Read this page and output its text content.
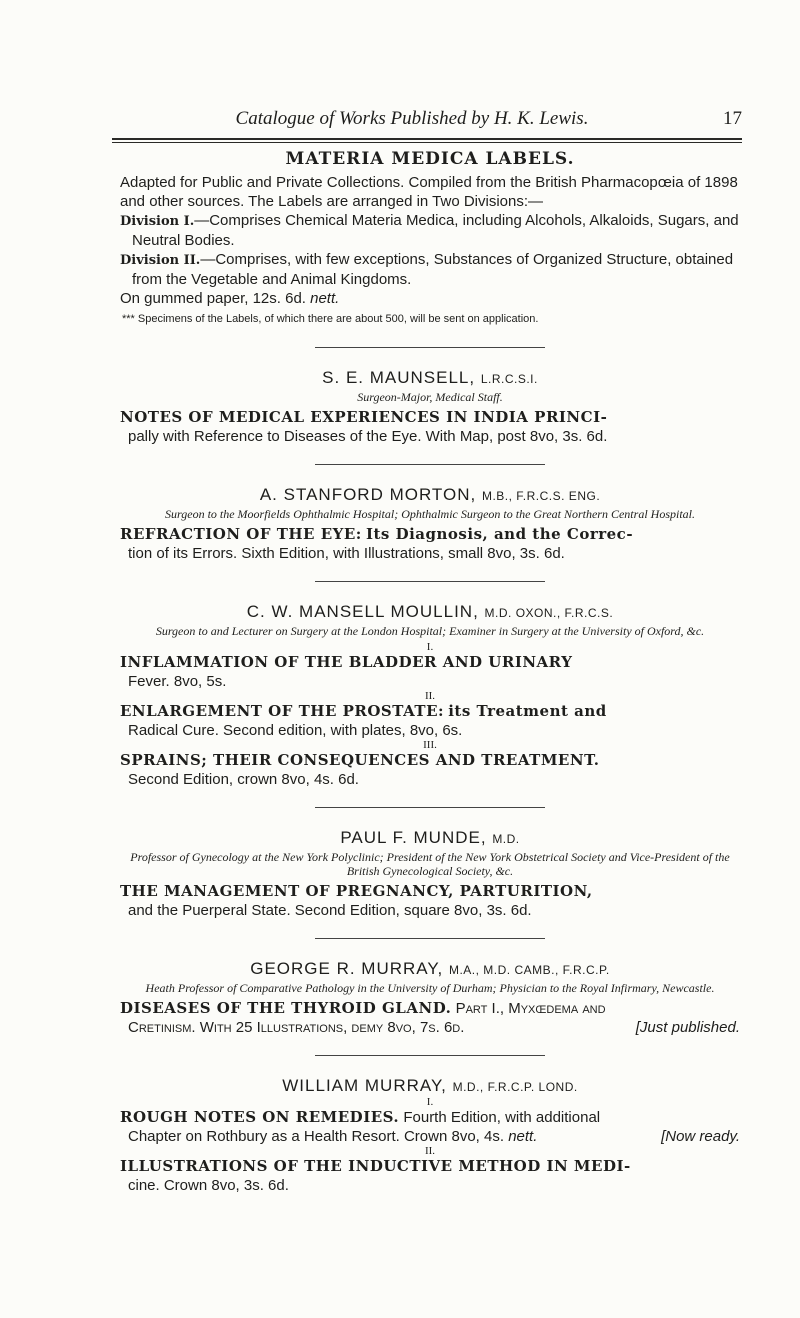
Catalogue of Works Published by H. K. Lewis.	17

MATERIA MEDICA LABELS.

Adapted for Public and Private Collections. Compiled from the British Pharmacopœia of 1898 and other sources. The Labels are arranged in Two Divisions:—

Division I.—Comprises Chemical Materia Medica, including Alcohols, Alkaloids, Sugars, and Neutral Bodies.

Division II.—Comprises, with few exceptions, Substances of Organized Structure, obtained from the Vegetable and Animal Kingdoms.

On gummed paper, 12s. 6d. nett.

*** Specimens of the Labels, of which there are about 500, will be sent on application.

S. E. MAUNSELL, L.R.C.S.I.

Surgeon-Major, Medical Staff.

NOTES OF MEDICAL EXPERIENCES IN INDIA PRINCI-

pally with Reference to Diseases of the Eye. With Map, post 8vo, 3s. 6d.

A. STANFORD MORTON, M.B., F.R.C.S. ENG.

Surgeon to the Moorfields Ophthalmic Hospital; Ophthalmic Surgeon to the Great Northern Central Hospital.

REFRACTION OF THE EYE: Its Diagnosis, and the Correc-

tion of its Errors. Sixth Edition, with Illustrations, small 8vo, 3s. 6d.

C. W. MANSELL MOULLIN, M.D. OXON., F.R.C.S.

Surgeon to and Lecturer on Surgery at the London Hospital; Examiner in Surgery at the University of Oxford, &c.

I.

INFLAMMATION OF THE BLADDER AND URINARY

Fever. 8vo, 5s.

II.

ENLARGEMENT OF THE PROSTATE: its Treatment and

Radical Cure. Second edition, with plates, 8vo, 6s.

III.

SPRAINS; THEIR CONSEQUENCES AND TREATMENT.

Second Edition, crown 8vo, 4s. 6d.

PAUL F. MUNDE, M.D.

Professor of Gynecology at the New York Polyclinic; President of the New York Obstetrical Society and Vice-President of the British Gynecological Society, &c.

THE MANAGEMENT OF PREGNANCY, PARTURITION,

and the Puerperal State. Second Edition, square 8vo, 3s. 6d.

GEORGE R. MURRAY, M.A., M.D. CAMB., F.R.C.P.

Heath Professor of Comparative Pathology in the University of Durham; Physician to the Royal Infirmary, Newcastle.

DISEASES OF THE THYROID GLAND. Part I., Myxœdema and

Cretinism. With 25 Illustrations, demy 8vo, 7s. 6d.	[Just published.

WILLIAM MURRAY, M.D., F.R.C.P. LOND.

I.

ROUGH NOTES ON REMEDIES. Fourth Edition, with additional

Chapter on Rothbury as a Health Resort. Crown 8vo, 4s. nett.	[Now ready.

II.

ILLUSTRATIONS OF THE INDUCTIVE METHOD IN MEDI-

cine. Crown 8vo, 3s. 6d.
